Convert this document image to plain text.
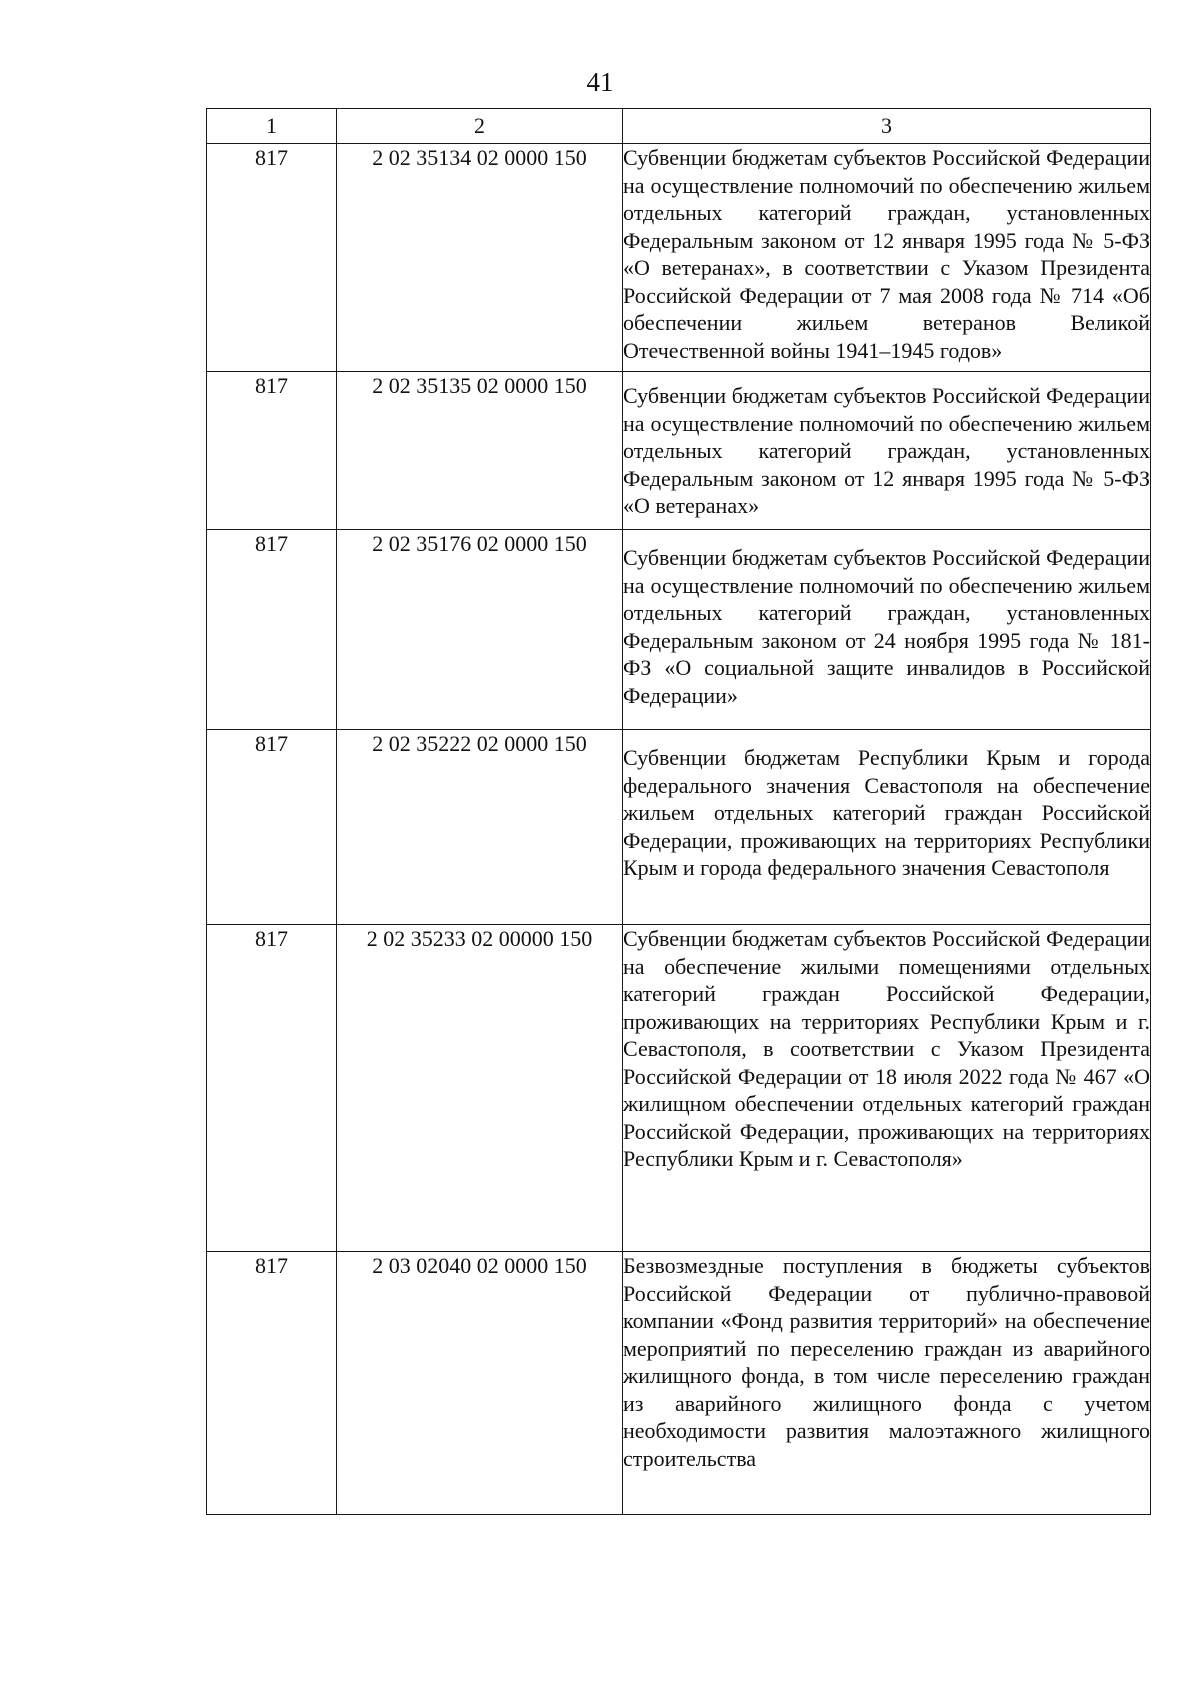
41
1	2	3
817	2 02 35134 02 0000 150	Субвенции бюджетам субъектов Российской Федерации на осуществление полномочий по обеспечению жильем отдельных категорий граждан, установленных Федеральным законом от 12 января 1995 года № 5-ФЗ «О ветеранах», в соответствии с Указом Президента Российской Федерации от 7 мая 2008 года № 714 «Об обеспечении жильем ветеранов Великой Отечественной войны 1941–1945 годов»

817	2 02 35135 02 0000 150	Субвенции бюджетам субъектов Российской Федерации на осуществление полномочий по обеспечению жильем отдельных категорий граждан, установленных Федеральным законом от 12 января 1995 года № 5-ФЗ «О ветеранах»

817	2 02 35176 02 0000 150	Субвенции бюджетам субъектов Российской Федерации на осуществление полномочий по обеспечению жильем отдельных категорий граждан, установленных Федеральным законом от 24 ноября 1995 года № 181-ФЗ «О социальной защите инвалидов в Российской Федерации»

817	2 02 35222 02 0000 150	Субвенции бюджетам Республики Крым и города федерального значения Севастополя на обеспечение жильем отдельных категорий граждан Российской Федерации, проживающих на территориях Республики Крым и города федерального значения Севастополя

817	2 02 35233 02 00000 150	Субвенции бюджетам субъектов Российской Федерации на обеспечение жилыми помещениями отдельных категорий граждан Российской Федерации, проживающих на территориях Республики Крым и г. Севастополя, в соответствии с Указом Президента Российской Федерации от 18 июля 2022 года № 467 «О жилищном обеспечении отдельных категорий граждан Российской Федерации, проживающих на территориях Республики Крым и г. Севастополя»

817	2 03 02040 02 0000 150	Безвозмездные поступления в бюджеты субъектов Российской Федерации от публично-правовой компании «Фонд развития территорий» на обеспечение мероприятий по переселению граждан из аварийного жилищного фонда, в том числе переселению граждан из аварийного жилищного фонда с учетом необходимости развития малоэтажного жилищного строительства
